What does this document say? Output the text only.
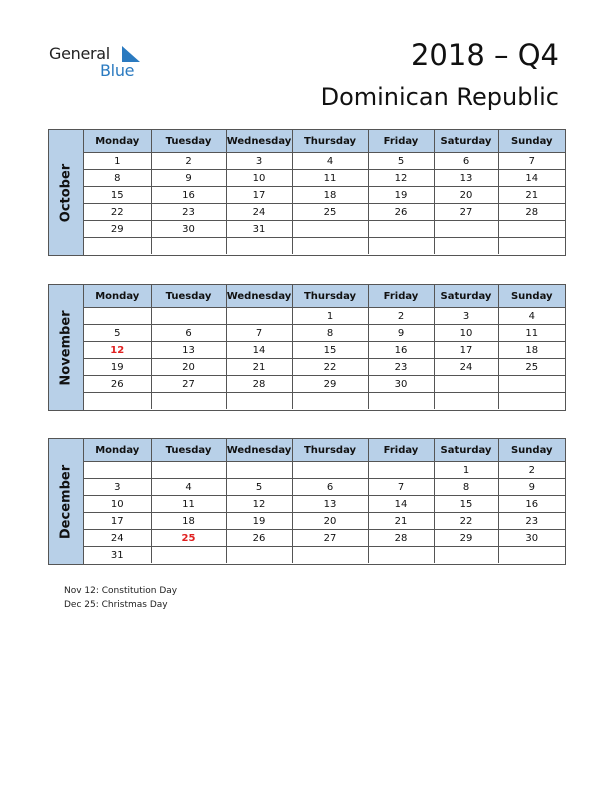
General
Blue	2018 – Q4
Dominican Republic
October
Monday	Tuesday	Wednesday	Thursday	Friday	Saturday	Sunday
1	2	3	4	5	6	7
8	9	10	11	12	13	14
15	16	17	18	19	20	21
22	23	24	25	26	27	28
29	30	31				

November
Monday	Tuesday	Wednesday	Thursday	Friday	Saturday	Sunday
			1	2	3	4
5	6	7	8	9	10	11
12	13	14	15	16	17	18
19	20	21	22	23	24	25
26	27	28	29	30		

December
Monday	Tuesday	Wednesday	Thursday	Friday	Saturday	Sunday
					1	2
3	4	5	6	7	8	9
10	11	12	13	14	15	16
17	18	19	20	21	22	23
24	25	26	27	28	29	30
31						
Nov 12: Constitution Day
Dec 25: Christmas Day
